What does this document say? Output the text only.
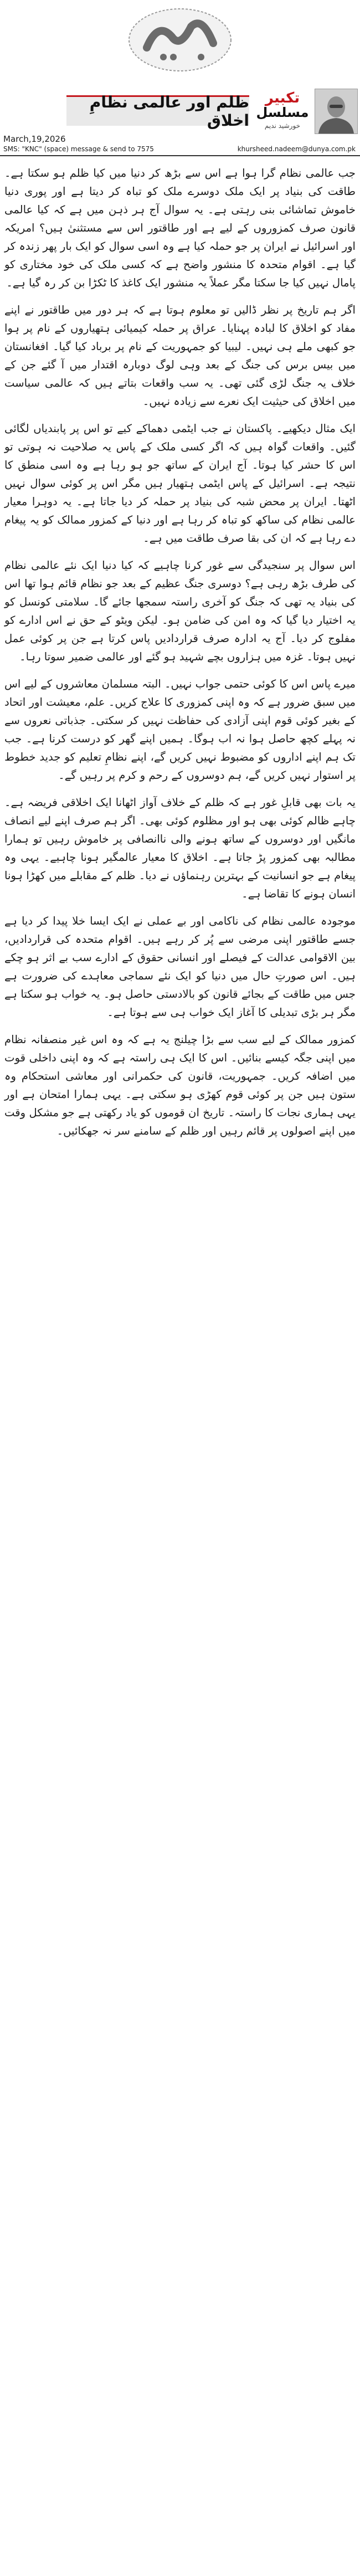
ظلم اور عالمی نظامِ اخلاق
تکبیر
مسلسل
خورشید ندیم
March,19,2026
SMS: "KNC" (space) message & send to 7575	khursheed.nadeem@dunya.com.pk

جب عالمی نظام گرا ہوا ہے اس سے بڑھ کر دنیا میں کیا ظلم ہو سکتا ہے۔ طاقت کی بنیاد پر ایک ملک دوسرے ملک کو تباہ کر دیتا ہے اور پوری دنیا خاموش تماشائی بنی رہتی ہے۔ یہ سوال آج ہر ذہن میں ہے کہ کیا عالمی قانون صرف کمزوروں کے لیے ہے اور طاقتور اس سے مستثنیٰ ہیں؟ امریکہ اور اسرائیل نے ایران پر جو حملہ کیا ہے وہ اسی سوال کو ایک بار پھر زندہ کر گیا ہے۔ اقوام متحدہ کا منشور واضح ہے کہ کسی ملک کی خود مختاری کو پامال نہیں کیا جا سکتا مگر عملاً یہ منشور ایک کاغذ کا ٹکڑا بن کر رہ گیا ہے۔

اگر ہم تاریخ پر نظر ڈالیں تو معلوم ہوتا ہے کہ ہر دور میں طاقتور نے اپنے مفاد کو اخلاق کا لبادہ پہنایا۔ عراق پر حملہ کیمیائی ہتھیاروں کے نام پر ہوا جو کبھی ملے ہی نہیں۔ لیبیا کو جمہوریت کے نام پر برباد کیا گیا۔ افغانستان میں بیس برس کی جنگ کے بعد وہی لوگ دوبارہ اقتدار میں آ گئے جن کے خلاف یہ جنگ لڑی گئی تھی۔ یہ سب واقعات بتاتے ہیں کہ عالمی سیاست میں اخلاق کی حیثیت ایک نعرے سے زیادہ نہیں۔

ایک مثال دیکھیے۔ پاکستان نے جب ایٹمی دھماکے کیے تو اس پر پابندیاں لگائی گئیں۔ واقعات گواہ ہیں کہ اگر کسی ملک کے پاس یہ صلاحیت نہ ہوتی تو اس کا حشر کیا ہوتا۔ آج ایران کے ساتھ جو ہو رہا ہے وہ اسی منطق کا نتیجہ ہے۔ اسرائیل کے پاس ایٹمی ہتھیار ہیں مگر اس پر کوئی سوال نہیں اٹھتا۔ ایران پر محض شبہ کی بنیاد پر حملہ کر دیا جاتا ہے۔ یہ دوہرا معیار عالمی نظام کی ساکھ کو تباہ کر رہا ہے اور دنیا کے کمزور ممالک کو یہ پیغام دے رہا ہے کہ ان کی بقا صرف طاقت میں ہے۔

اس سوال پر سنجیدگی سے غور کرنا چاہیے کہ کیا دنیا ایک نئے عالمی نظام کی طرف بڑھ رہی ہے؟ دوسری جنگ عظیم کے بعد جو نظام قائم ہوا تھا اس کی بنیاد یہ تھی کہ جنگ کو آخری راستہ سمجھا جائے گا۔ سلامتی کونسل کو یہ اختیار دیا گیا کہ وہ امن کی ضامن ہو۔ لیکن ویٹو کے حق نے اس ادارے کو مفلوج کر دیا۔ آج یہ ادارہ صرف قراردادیں پاس کرتا ہے جن پر کوئی عمل نہیں ہوتا۔ غزہ میں ہزاروں بچے شہید ہو گئے اور عالمی ضمیر سوتا رہا۔

میرے پاس اس کا کوئی حتمی جواب نہیں۔ البتہ مسلمان معاشروں کے لیے اس میں سبق ضرور ہے کہ وہ اپنی کمزوری کا علاج کریں۔ علم، معیشت اور اتحاد کے بغیر کوئی قوم اپنی آزادی کی حفاظت نہیں کر سکتی۔ جذباتی نعروں سے نہ پہلے کچھ حاصل ہوا نہ اب ہوگا۔ ہمیں اپنے گھر کو درست کرنا ہے۔ جب تک ہم اپنے اداروں کو مضبوط نہیں کریں گے، اپنے نظامِ تعلیم کو جدید خطوط پر استوار نہیں کریں گے، ہم دوسروں کے رحم و کرم پر رہیں گے۔

یہ بات بھی قابلِ غور ہے کہ ظلم کے خلاف آواز اٹھانا ایک اخلاقی فریضہ ہے۔ چاہے ظالم کوئی بھی ہو اور مظلوم کوئی بھی۔ اگر ہم صرف اپنے لیے انصاف مانگیں اور دوسروں کے ساتھ ہونے والی ناانصافی پر خاموش رہیں تو ہمارا مطالبہ بھی کمزور پڑ جاتا ہے۔ اخلاق کا معیار عالمگیر ہونا چاہیے۔ یہی وہ پیغام ہے جو انسانیت کے بہترین رہنماؤں نے دیا۔ ظلم کے مقابلے میں کھڑا ہونا انسان ہونے کا تقاضا ہے۔

موجودہ عالمی نظام کی ناکامی اور بے عملی نے ایک ایسا خلا پیدا کر دیا ہے جسے طاقتور اپنی مرضی سے پُر کر رہے ہیں۔ اقوام متحدہ کی قراردادیں، بین الاقوامی عدالت کے فیصلے اور انسانی حقوق کے ادارے سب بے اثر ہو چکے ہیں۔ اس صورتِ حال میں دنیا کو ایک نئے سماجی معاہدے کی ضرورت ہے جس میں طاقت کے بجائے قانون کو بالادستی حاصل ہو۔ یہ خواب ہو سکتا ہے مگر ہر بڑی تبدیلی کا آغاز ایک خواب ہی سے ہوتا ہے۔

کمزور ممالک کے لیے سب سے بڑا چیلنج یہ ہے کہ وہ اس غیر منصفانہ نظام میں اپنی جگہ کیسے بنائیں۔ اس کا ایک ہی راستہ ہے کہ وہ اپنی داخلی قوت میں اضافہ کریں۔ جمہوریت، قانون کی حکمرانی اور معاشی استحکام وہ ستون ہیں جن پر کوئی قوم کھڑی ہو سکتی ہے۔ یہی ہمارا امتحان ہے اور یہی ہماری نجات کا راستہ۔ تاریخ ان قوموں کو یاد رکھتی ہے جو مشکل وقت میں اپنے اصولوں پر قائم رہیں اور ظلم کے سامنے سر نہ جھکائیں۔
